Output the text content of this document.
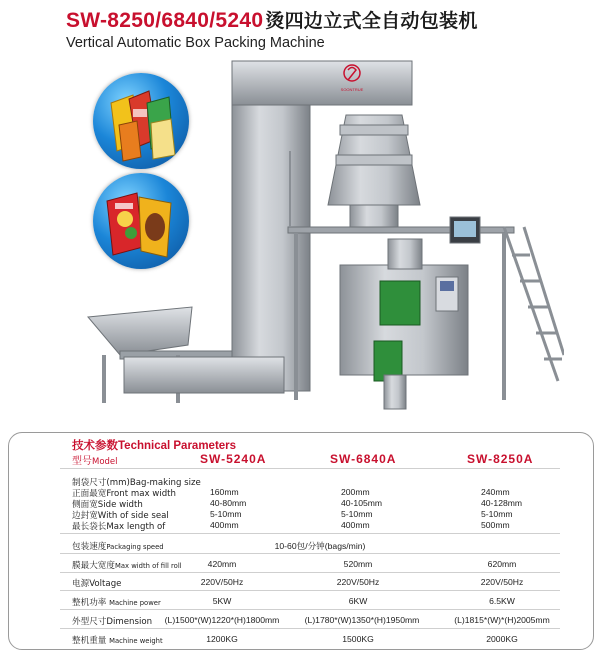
SW-8250/6840/5240 烫四边立式全自动包装机
Vertical Automatic Box Packing Machine
SOONTRUE
技术参数Technical Parameters
型号Model	SW-5240A	SW-6840A	SW-8250A
制袋尺寸(mm)Bag-making size
正面最宽Front max width	160mm	200mm	240mm
侧面宽Side width	40-80mm	40-105mm	40-128mm
边封宽With of side seal	5-10mm	5-10mm	5-10mm
最长袋长Max length of	400mm	400mm	500mm
包装速度Packaging speed	10-60包/分钟(bags/min)
膜最大宽度Max width of fill roll	420mm	520mm	620mm
电源Voltage	220V/50Hz	220V/50Hz	220V/50Hz
整机功率 Machine power	5KW	6KW	6.5KW
外型尺寸Dimension (L)1500*(W)1220*(H)1800mm	(L)1780*(W)1350*(H)1950mm	(L)1815*(W)*(H)2005mm
整机重量 Machine weight	1200KG	1500KG	2000KG
